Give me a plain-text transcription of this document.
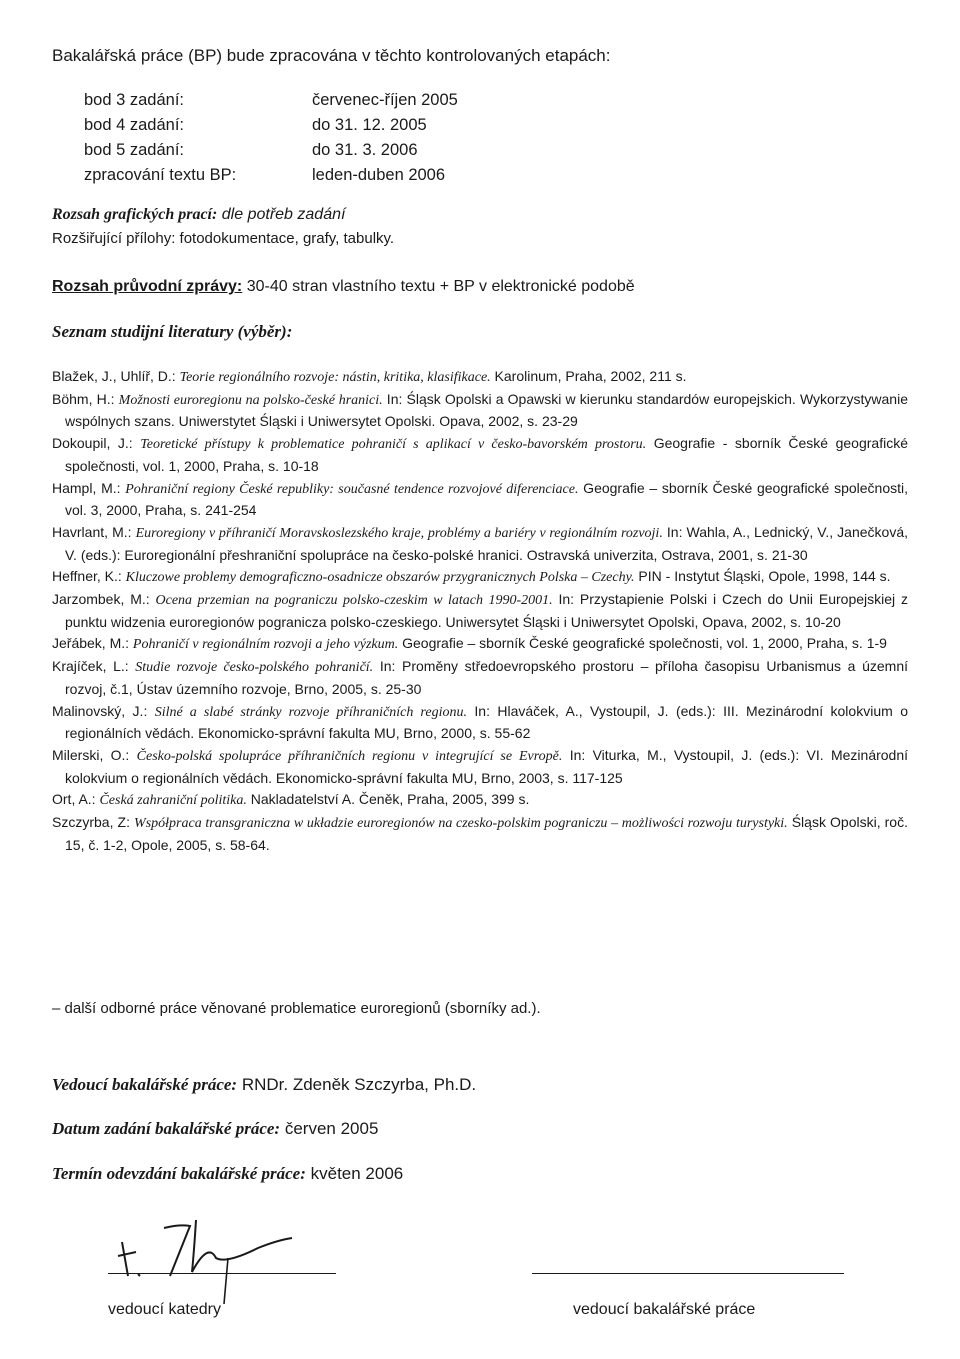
Bakalářská práce (BP) bude zpracována v těchto kontrolovaných etapách:
bod 3 zadání:	červenec-říjen 2005
bod 4 zadání:	do 31. 12. 2005
bod 5 zadání:	do 31. 3. 2006
zpracování textu BP:	leden-duben 2006
Rozsah grafických prací: dle potřeb zadání
Rozšiřující přílohy: fotodokumentace, grafy, tabulky.
Rozsah průvodní zprávy: 30-40 stran vlastního textu + BP v elektronické podobě
Seznam studijní literatury (výběr):
Blažek, J., Uhlíř, D.: Teorie regionálního rozvoje: nástin, kritika, klasifikace. Karolinum, Praha, 2002, 211 s.
Böhm, H.: Možnosti euroregionu na polsko-české hranici. In: Śląsk Opolski a Opawski w kierunku standardów europejskich. Wykorzystywanie wspólnych szans. Uniwerstytet Śląski i Uniwersytet Opolski. Opava, 2002, s. 23-29
Dokoupil, J.: Teoretické přístupy k problematice pohraničí s aplikací v česko-bavorském prostoru. Geografie - sborník České geografické společnosti, vol. 1, 2000, Praha, s. 10-18
Hampl, M.: Pohraniční regiony České republiky: současné tendence rozvojové diferenciace. Geografie – sborník České geografické společnosti, vol. 3, 2000, Praha, s. 241-254
Havrlant, M.: Euroregiony v příhraničí Moravskoslezského kraje, problémy a bariéry v regionálním rozvoji. In: Wahla, A., Lednický, V., Janečková, V. (eds.): Euroregionální přeshraniční spolupráce na česko-polské hranici. Ostravská univerzita, Ostrava, 2001, s. 21-30
Heffner, K.: Kluczowe problemy demograficzno-osadnicze obszarów przygranicznych Polska – Czechy. PIN - Instytut Śląski, Opole, 1998, 144 s.
Jarzombek, M.: Ocena przemian na pograniczu polsko-czeskim w latach 1990-2001. In: Przystapienie Polski i Czech do Unii Europejskiej z punktu widzenia euroregionów pogranicza polsko-czeskiego. Uniwersytet Śląski i Uniwersytet Opolski, Opava, 2002, s. 10-20
Jeřábek, M.: Pohraničí v regionálním rozvoji a jeho výzkum. Geografie – sborník České geografické společnosti, vol. 1, 2000, Praha, s. 1-9
Krajíček, L.: Studie rozvoje česko-polského pohraničí. In: Proměny středoevropského prostoru – příloha časopisu Urbanismus a územní rozvoj, č.1, Ústav územního rozvoje, Brno, 2005, s. 25-30
Malinovský, J.: Silné a slabé stránky rozvoje příhraničních regionu. In: Hlaváček, A., Vystoupil, J. (eds.): III. Mezinárodní kolokvium o regionálních vědách. Ekonomicko-správní fakulta MU, Brno, 2000, s. 55-62
Milerski, O.: Česko-polská spolupráce příhraničních regionu v integrující se Evropě. In: Viturka, M., Vystoupil, J. (eds.): VI. Mezinárodní kolokvium o regionálních vědách. Ekonomicko-správní fakulta MU, Brno, 2003, s. 117-125
Ort, A.: Česká zahraniční politika. Nakladatelství A. Čeněk, Praha, 2005, 399 s.
Szczyrba, Z: Współpraca transgraniczna w układzie euroregionów na czesko-polskim pograniczu – możliwości rozwoju turystyki. Śląsk Opolski, roč. 15, č. 1-2, Opole, 2005, s. 58-64.
– další odborné práce věnované problematice euroregionů (sborníky ad.).
Vedoucí bakalářské práce: RNDr. Zdeněk Szczyrba, Ph.D.
Datum zadání bakalářské práce: červen 2005
Termín odevzdání bakalářské práce: květen 2006
vedoucí katedry	vedoucí bakalářské práce
